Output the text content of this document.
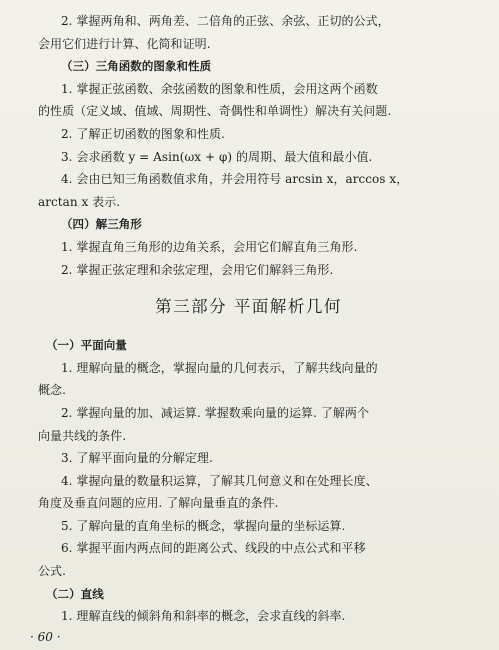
2. 掌握两角和、两角差、二倍角的正弦、余弦、正切的公式，
会用它们进行计算、化简和证明.
（三）三角函数的图象和性质
1. 掌握正弦函数、余弦函数的图象和性质，会用这两个函数
的性质（定义域、值域、周期性、奇偶性和单调性）解决有关问题.
2. 了解正切函数的图象和性质.
3. 会求函数 y = Asin(ωx + φ) 的周期、最大值和最小值.
4. 会由已知三角函数值求角，并会用符号 arcsin x，arccos x，
arctan x 表示.
（四）解三角形
1. 掌握直角三角形的边角关系，会用它们解直角三角形.
2. 掌握正弦定理和余弦定理，会用它们解斜三角形.
第三部分 平面解析几何
（一）平面向量
1. 理解向量的概念，掌握向量的几何表示，了解共线向量的
概念.
2. 掌握向量的加、减运算. 掌握数乘向量的运算. 了解两个
向量共线的条件.
3. 了解平面向量的分解定理.
4. 掌握向量的数量积运算，了解其几何意义和在处理长度、
角度及垂直问题的应用. 了解向量垂直的条件.
5. 了解向量的直角坐标的概念，掌握向量的坐标运算.
6. 掌握平面内两点间的距离公式、线段的中点公式和平移
公式.
（二）直线
1. 理解直线的倾斜角和斜率的概念，会求直线的斜率.
· 60 ·
